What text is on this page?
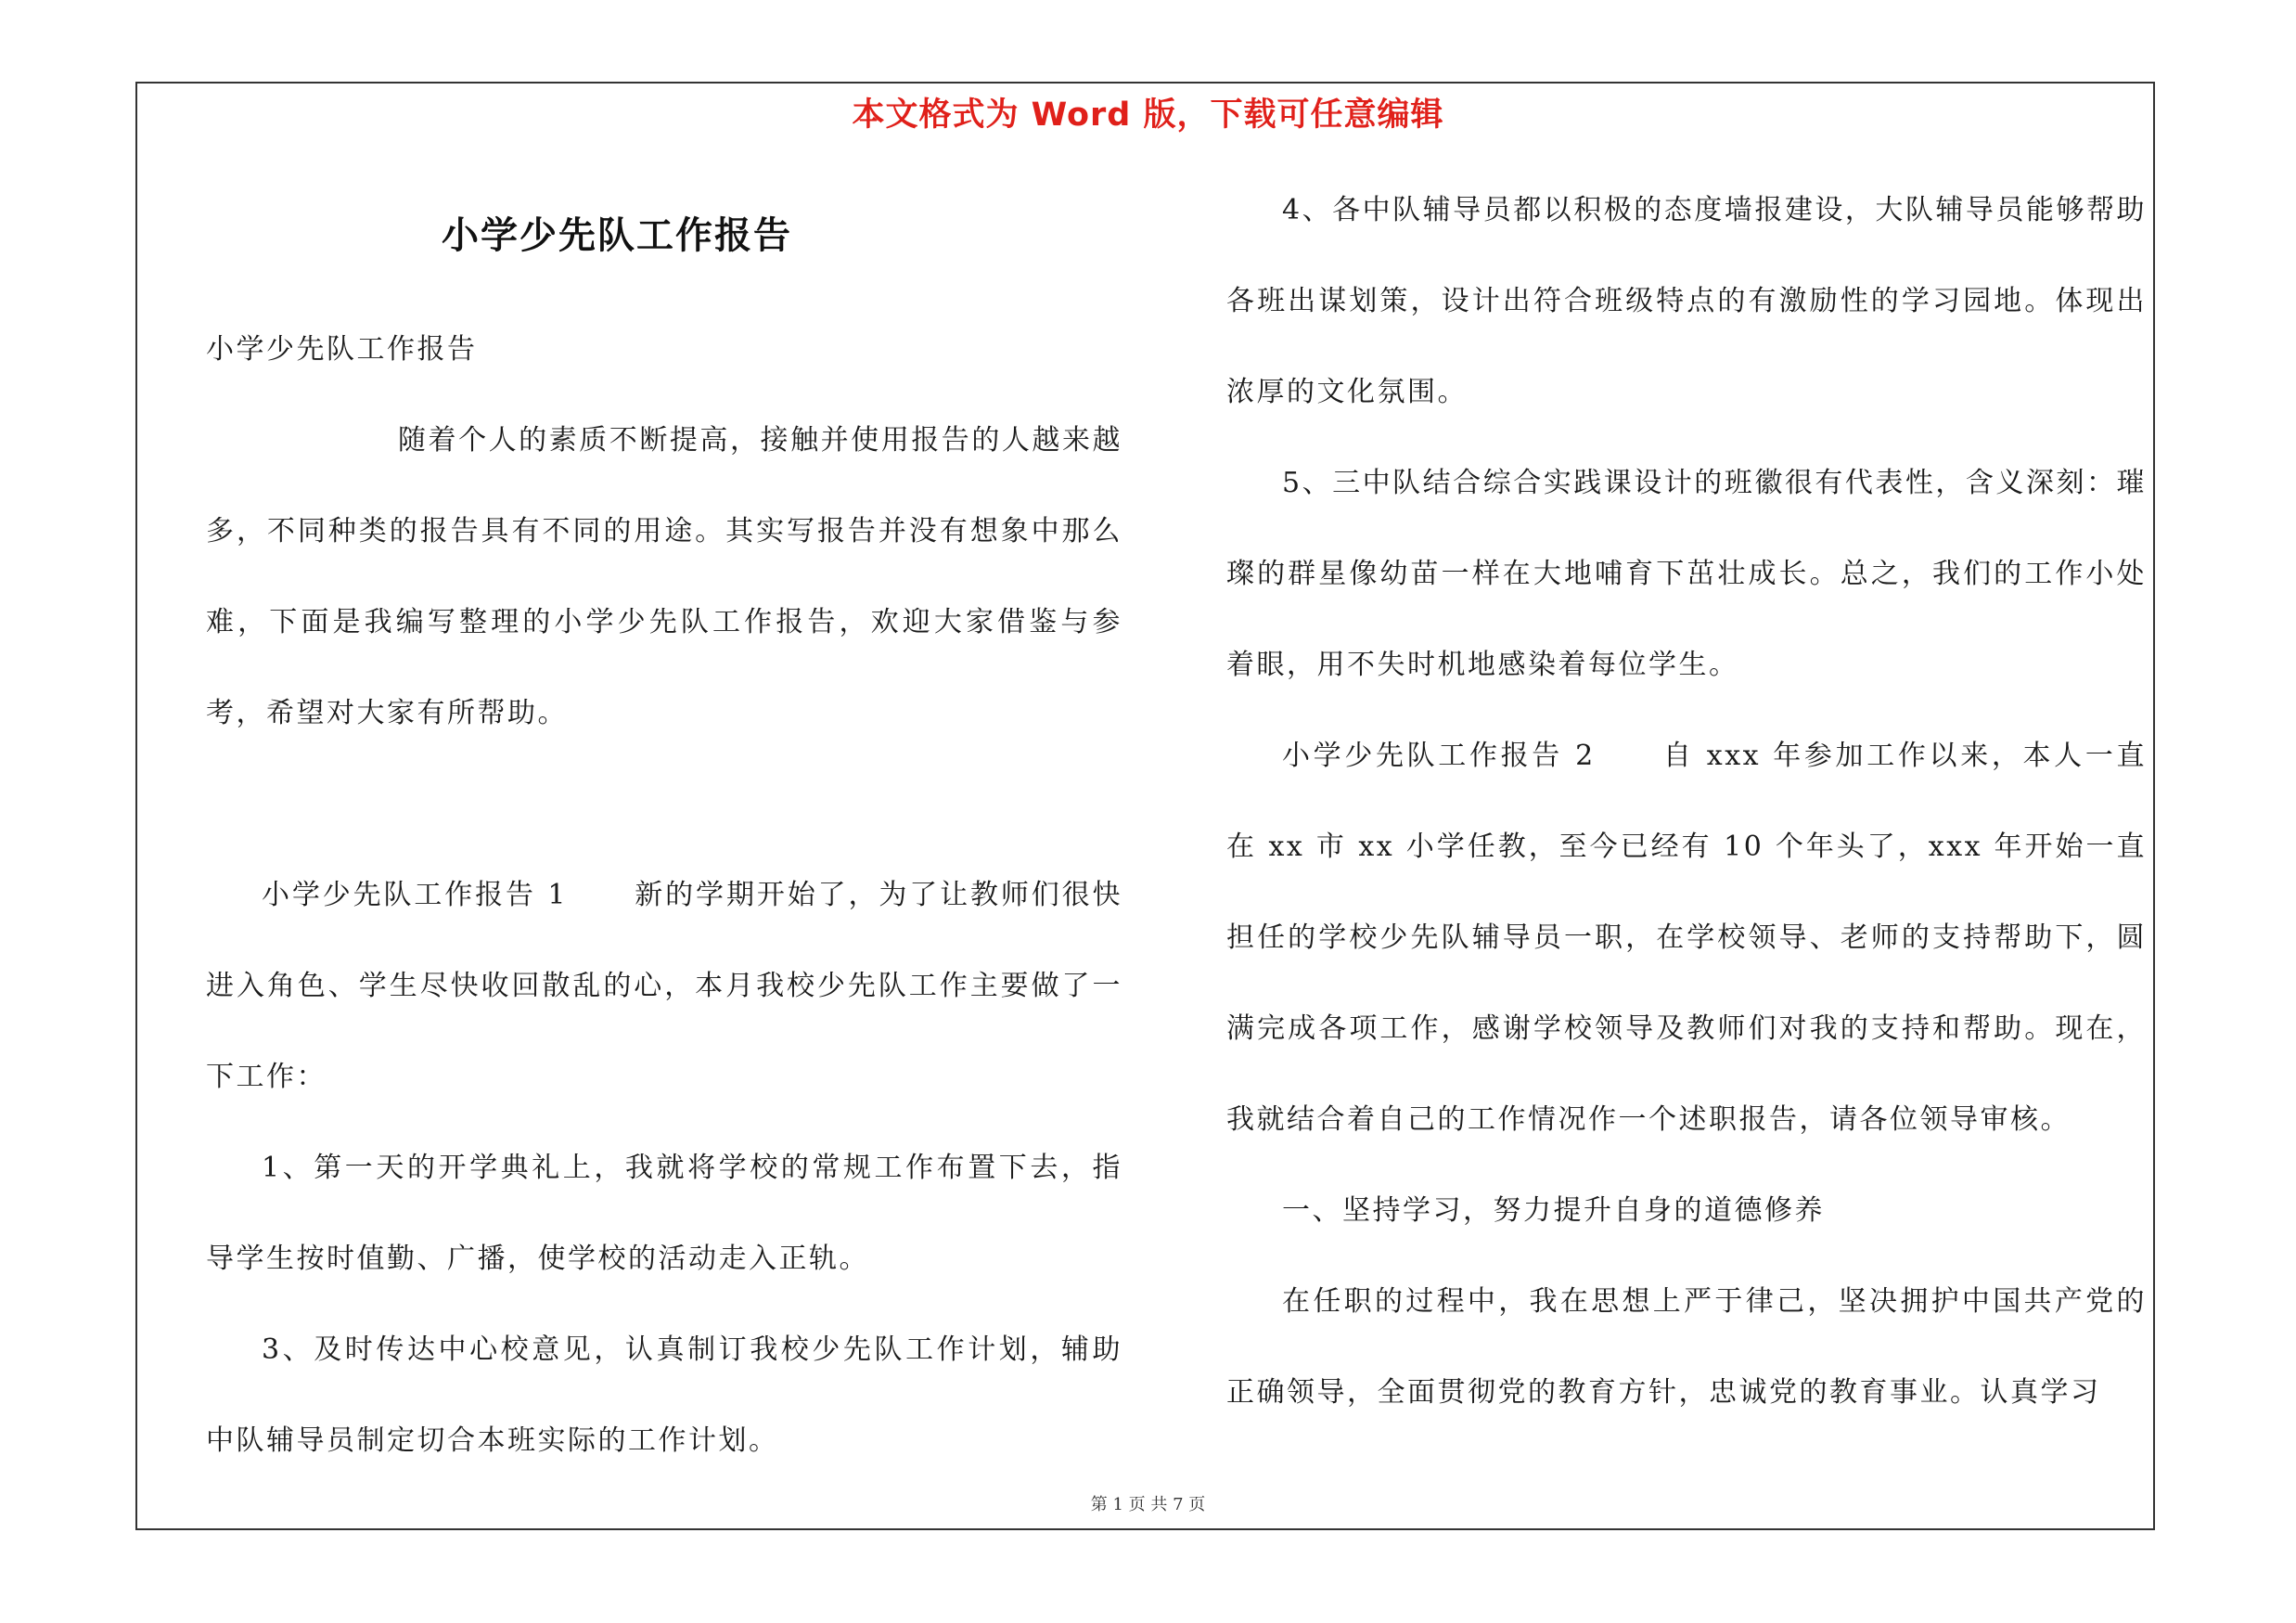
本文格式为 Word 版，下载可任意编辑
小学少先队工作报告

小学少先队工作报告

随着个人的素质不断提高，接触并使用报告的人越来越多，不同种类的报告具有不同的用途。其实写报告并没有想象中那么难，下面是我编写整理的小学少先队工作报告，欢迎大家借鉴与参考，希望对大家有所帮助。

小学少先队工作报告 1 新的学期开始了，为了让教师们很快进入角色、学生尽快收回散乱的心，本月我校少先队工作主要做了一下工作：

1、第一天的开学典礼上，我就将学校的常规工作布置下去，指导学生按时值勤、广播，使学校的活动走入正轨。

3、及时传达中心校意见，认真制订我校少先队工作计划，辅助中队辅导员制定切合本班实际的工作计划。

4、各中队辅导员都以积极的态度墙报建设，大队辅导员能够帮助各班出谋划策，设计出符合班级特点的有激励性的学习园地。体现出浓厚的文化氛围。

5、三中队结合综合实践课设计的班徽很有代表性，含义深刻：璀璨的群星像幼苗一样在大地哺育下茁壮成长。总之，我们的工作小处着眼，用不失时机地感染着每位学生。

小学少先队工作报告 2 自 xxx 年参加工作以来，本人一直在 xx 市 xx 小学任教，至今已经有 10 个年头了，xxx 年开始一直担任的学校少先队辅导员一职，在学校领导、老师的支持帮助下，圆满完成各项工作，感谢学校领导及教师们对我的支持和帮助。现在，我就结合着自己的工作情况作一个述职报告，请各位领导审核。

一、坚持学习，努力提升自身的道德修养

在任职的过程中，我在思想上严于律己，坚决拥护中国共产党的正确领导，全面贯彻党的教育方针，忠诚党的教育事业。认真学习

第 1 页 共 7 页
